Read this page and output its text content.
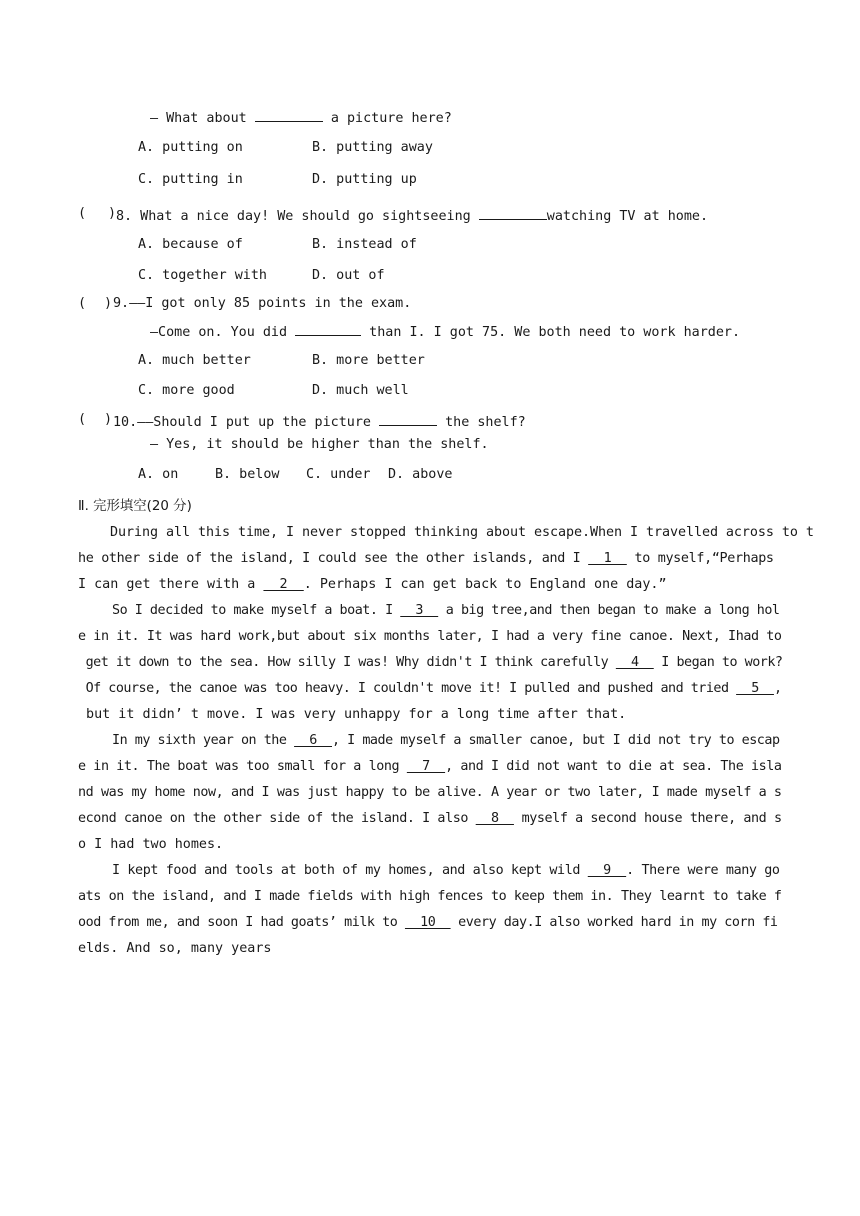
— What about	a picture here?
A. putting on	B. putting away
C. putting in	D. putting up
( ) 8. What a nice day! We should go sightseeing	watching TV at home.
A. because of	B. instead of
C. together with	D. out of
( ) 9.——I got only 85 points in the exam.
—Come on. You did	than I. I got 75. We both need to work harder.
A. much better	B. more better
C. more good	D. much well
( ) 10.——Should I put up the picture	the shelf?
— Yes, it should be higher than the shelf.
A. on	B. below C. under D. above
Ⅱ. 完形填空(20 分)
During all this time, I never stopped thinking about escape.When I travelled across to t
he other side of the island, I could see the other islands, and I   1   to myself,“Perhaps
I can get there with a   2  . Perhaps I can get back to England one day.”
So I decided to make myself a boat. I   3   a big tree,and then began to make a long hol
e in it. It was hard work,but about six months later, I had a very fine canoe. Next, Ihad to
get it down to the sea. How silly I was! Why didn't I think carefully   4   I began to work?
Of course, the canoe was too heavy. I couldn't move it! I pulled and pushed and tried   5  ,
but it didn’ t move. I was very unhappy for a long time after that.
In my sixth year on the   6  , I made myself a smaller canoe, but I did not try to escap
e in it. The boat was too small for a long   7  , and I did not want to die at sea. The isla
nd was my home now, and I was just happy to be alive. A year or two later, I made myself a s
econd canoe on the other side of the island. I also   8   myself a second house there, and s
o I had two homes.
I kept food and tools at both of my homes, and also kept wild   9  . There were many go
ats on the island, and I made fields with high fences to keep them in. They learnt to take f
ood from me, and soon I had goats’ milk to   10   every day.I also worked hard in my corn fi
elds. And so, many years
